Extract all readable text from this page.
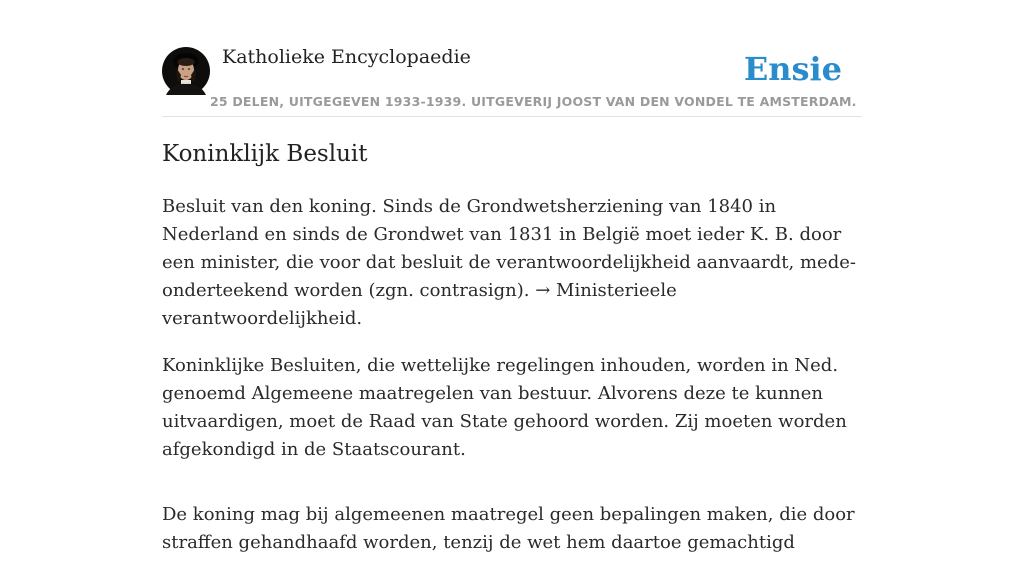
Katholieke Encyclopaedie	Ensie
25 DELEN, UITGEGEVEN 1933-1939. UITGEVERIJ JOOST VAN DEN VONDEL TE AMSTERDAM.
Koninklijk Besluit

Besluit van den koning. Sinds de Grondwetsherziening van 1840 in Nederland en sinds de Grondwet van 1831 in België moet ieder K. B. door een minister, die voor dat besluit de verantwoordelijkheid aanvaardt, mede-onderteekend worden (zgn. contrasign). → Ministerieele verantwoordelijkheid.

Koninklijke Besluiten, die wettelijke regelingen inhouden, worden in Ned. genoemd Algemeene maatregelen van bestuur. Alvorens deze te kunnen uitvaardigen, moet de Raad van State gehoord worden. Zij moeten worden afgekondigd in de Staatscourant.

De koning mag bij algemeenen maatregel geen bepalingen maken, die door straffen gehandhaafd worden, tenzij de wet hem daartoe gemachtigd
